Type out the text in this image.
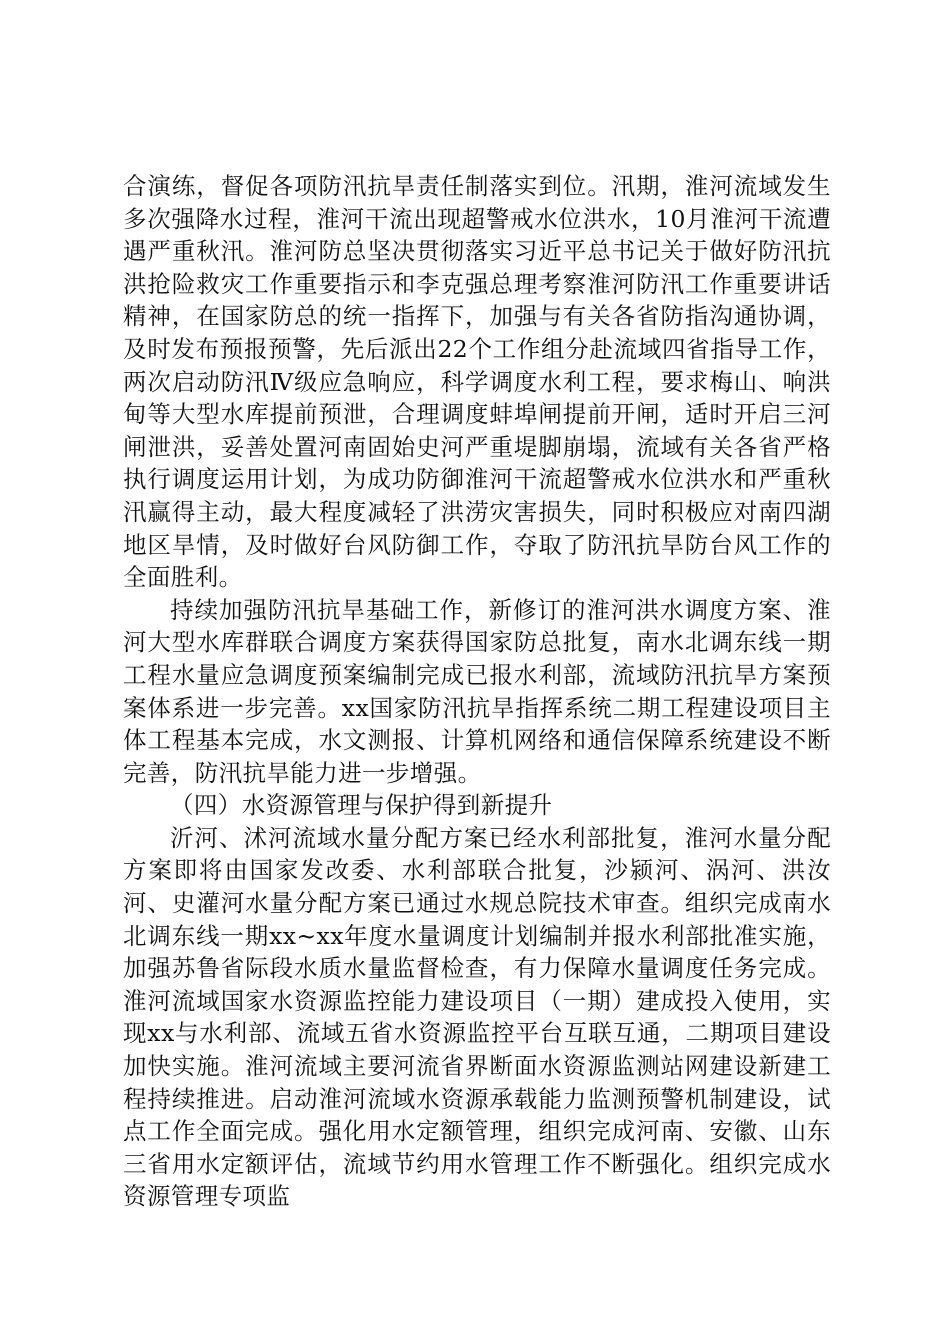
合演练，督促各项防汛抗旱责任制落实到位。汛期，淮河流域发生多次强降水过程，淮河干流出现超警戒水位洪水，10月淮河干流遭遇严重秋汛。淮河防总坚决贯彻落实习近平总书记关于做好防汛抗洪抢险救灾工作重要指示和李克强总理考察淮河防汛工作重要讲话精神，在国家防总的统一指挥下，加强与有关各省防指沟通协调，及时发布预报预警，先后派出22个工作组分赴流域四省指导工作，两次启动防汛Ⅳ级应急响应，科学调度水利工程，要求梅山、响洪甸等大型水库提前预泄，合理调度蚌埠闸提前开闸，适时开启三河闸泄洪，妥善处置河南固始史河严重堤脚崩塌，流域有关各省严格执行调度运用计划，为成功防御淮河干流超警戒水位洪水和严重秋汛赢得主动，最大程度减轻了洪涝灾害损失，同时积极应对南四湖地区旱情，及时做好台风防御工作，夺取了防汛抗旱防台风工作的全面胜利。

持续加强防汛抗旱基础工作，新修订的淮河洪水调度方案、淮河大型水库群联合调度方案获得国家防总批复，南水北调东线一期工程水量应急调度预案编制完成已报水利部，流域防汛抗旱方案预案体系进一步完善。xx国家防汛抗旱指挥系统二期工程建设项目主体工程基本完成，水文测报、计算机网络和通信保障系统建设不断完善，防汛抗旱能力进一步增强。

（四）水资源管理与保护得到新提升

沂河、沭河流域水量分配方案已经水利部批复，淮河水量分配方案即将由国家发改委、水利部联合批复，沙颍河、涡河、洪汝河、史灌河水量分配方案已通过水规总院技术审查。组织完成南水北调东线一期xx~xx年度水量调度计划编制并报水利部批准实施，加强苏鲁省际段水质水量监督检查，有力保障水量调度任务完成。淮河流域国家水资源监控能力建设项目（一期）建成投入使用，实现xx与水利部、流域五省水资源监控平台互联互通，二期项目建设加快实施。淮河流域主要河流省界断面水资源监测站网建设新建工程持续推进。启动淮河流域水资源承载能力监测预警机制建设，试点工作全面完成。强化用水定额管理，组织完成河南、安徽、山东三省用水定额评估，流域节约用水管理工作不断强化。组织完成水资源管理专项监
